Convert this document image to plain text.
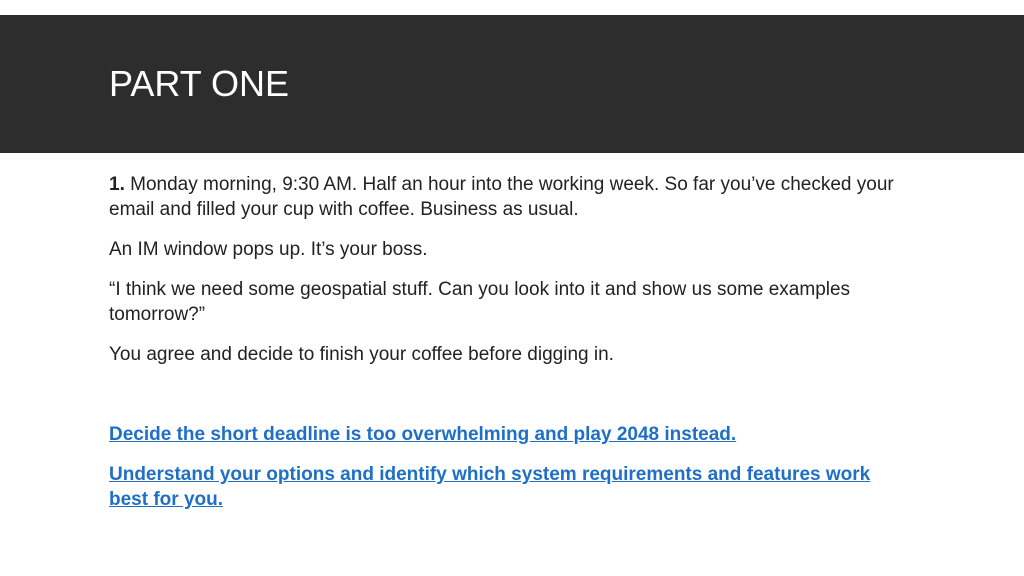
PART ONE

1. Monday morning, 9:30 AM. Half an hour into the working week. So far you’ve checked your email and filled your cup with coffee. Business as usual.

An IM window pops up. It’s your boss.

“I think we need some geospatial stuff. Can you look into it and show us some examples tomorrow?”

You agree and decide to finish your coffee before digging in.

Decide the short deadline is too overwhelming and play 2048 instead.

Understand your options and identify which system requirements and features work best for you.
